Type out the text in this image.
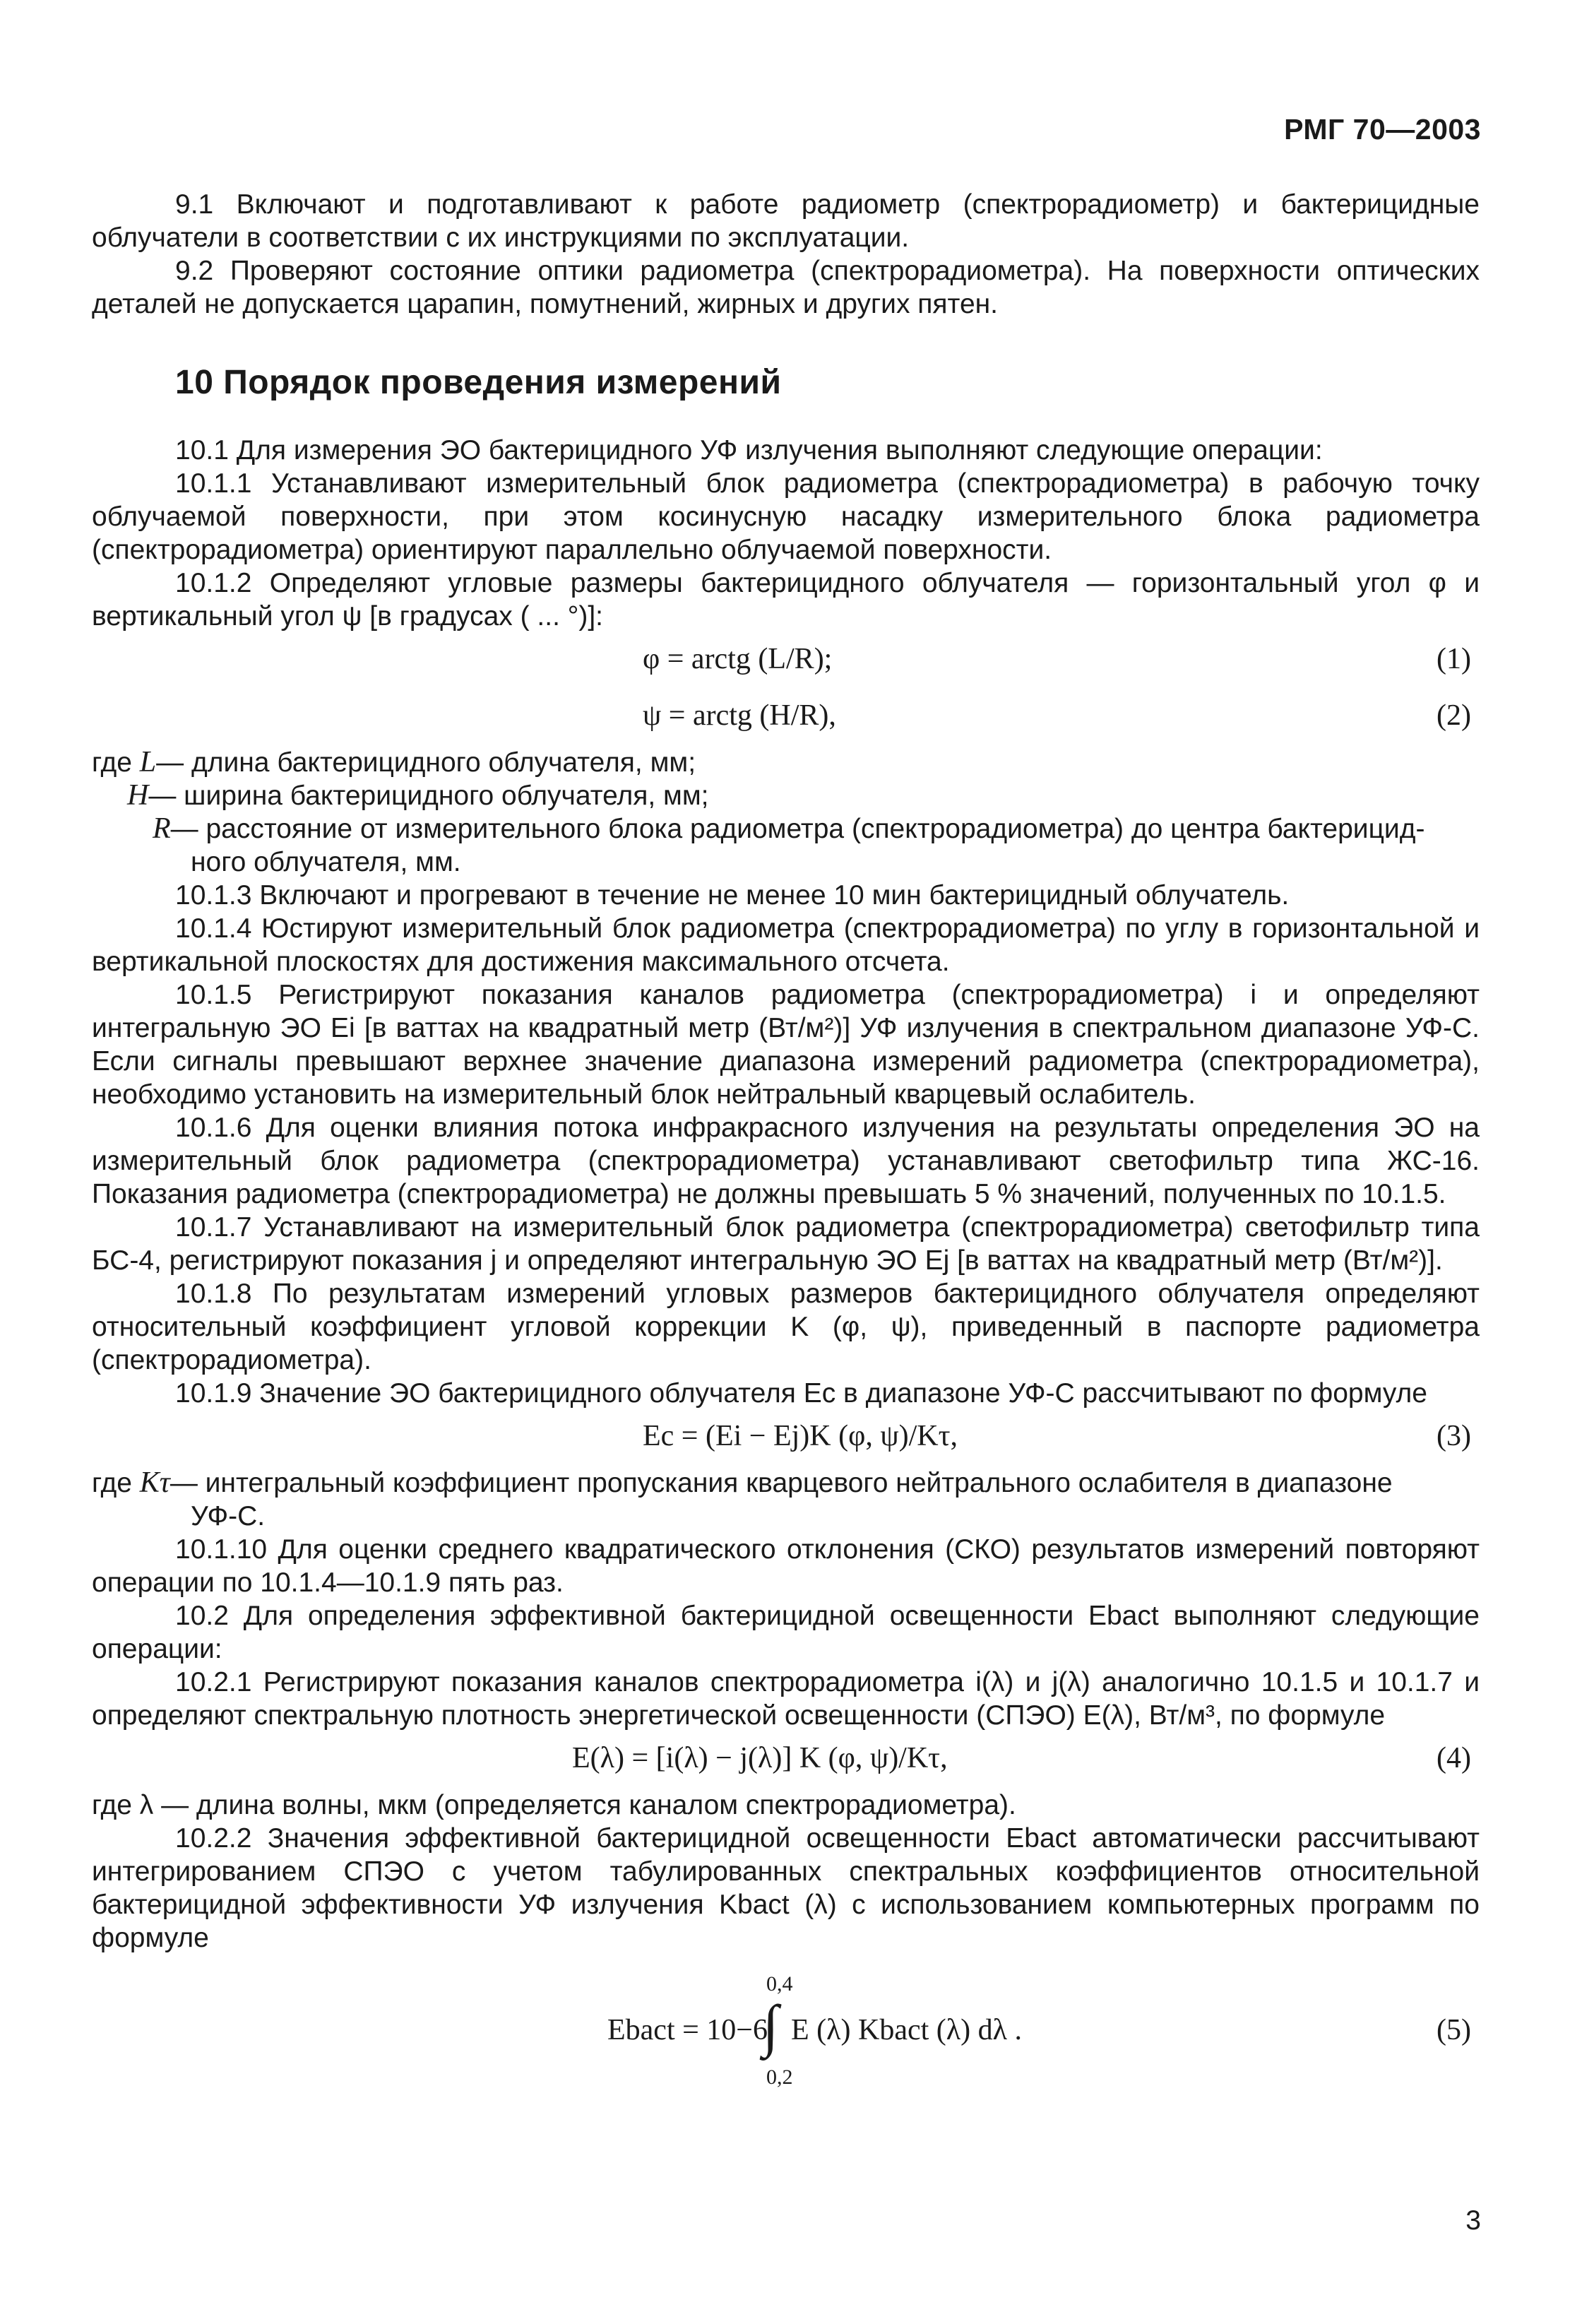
РМГ 70—2003

9.1 Включают и подготавливают к работе радиометр (спектрорадиометр) и бактерицидные облучатели в соответствии с их инструкциями по эксплуатации.

9.2 Проверяют состояние оптики радиометра (спектрорадиометра). На поверхности оптических деталей не допускается царапин, помутнений, жирных и других пятен.

10 Порядок проведения измерений

10.1 Для измерения ЭО бактерицидного УФ излучения выполняют следующие операции:

10.1.1 Устанавливают измерительный блок радиометра (спектрорадиометра) в рабочую точку облучаемой поверхности, при этом косинусную насадку измерительного блока радиометра (спектрорадиометра) ориентируют параллельно облучаемой поверхности.

10.1.2 Определяют угловые размеры бактерицидного облучателя — горизонтальный угол φ и вертикальный угол ψ [в градусах ( ... °)]:

φ = arctg (L/R);	(1)
ψ = arctg (H/R),	(2)
где L — длина бактерицидного облучателя, мм;
H — ширина бактерицидного облучателя, мм;
R — расстояние от измерительного блока радиометра (спектрорадиометра) до центра бактерицид-
ного облучателя, мм.

10.1.3 Включают и прогревают в течение не менее 10 мин бактерицидный облучатель.

10.1.4 Юстируют измерительный блок радиометра (спектрорадиометра) по углу в горизонтальной и вертикальной плоскостях для достижения максимального отсчета.

10.1.5 Регистрируют показания каналов радиометра (спектрорадиометра) i и определяют интегральную ЭО Ei [в ваттах на квадратный метр (Вт/м²)] УФ излучения в спектральном диапазоне УФ-С. Если сигналы превышают верхнее значение диапазона измерений радиометра (спектрорадиометра), необходимо установить на измерительный блок нейтральный кварцевый ослабитель.

10.1.6 Для оценки влияния потока инфракрасного излучения на результаты определения ЭО на измерительный блок радиометра (спектрорадиометра) устанавливают светофильтр типа ЖС-16. Показания радиометра (спектрорадиометра) не должны превышать 5 % значений, полученных по 10.1.5.

10.1.7 Устанавливают на измерительный блок радиометра (спектрорадиометра) светофильтр типа БС-4, регистрируют показания j и определяют интегральную ЭО Ej [в ваттах на квадратный метр (Вт/м²)].

10.1.8 По результатам измерений угловых размеров бактерицидного облучателя определяют относительный коэффициент угловой коррекции K (φ, ψ), приведенный в паспорте радиометра (спектрорадиометра).

10.1.9 Значение ЭО бактерицидного облучателя Ec в диапазоне УФ-С рассчитывают по формуле

Ec = (Ei − Ej)K (φ, ψ)/Kτ,	(3)
где Kτ — интегральный коэффициент пропускания кварцевого нейтрального ослабителя в диапазоне
УФ-С.

10.1.10 Для оценки среднего квадратического отклонения (СКО) результатов измерений повторяют операции по 10.1.4—10.1.9 пять раз.

10.2 Для определения эффективной бактерицидной освещенности Ebact выполняют следующие операции:

10.2.1 Регистрируют показания каналов спектрорадиометра i(λ) и j(λ) аналогично 10.1.5 и 10.1.7 и определяют спектральную плотность энергетической освещенности (СПЭО) E(λ), Вт/м³, по формуле

E(λ) = [i(λ) − j(λ)] K (φ, ψ)/Kτ,	(4)

где λ — длина волны, мкм (определяется каналом спектрорадиометра).

10.2.2 Значения эффективной бактерицидной освещенности Ebact автоматически рассчитывают интегрированием СПЭО с учетом табулированных спектральных коэффициентов относительной бактерицидной эффективности УФ излучения Kbact (λ) с использованием компьютерных программ по формуле

0,4
Ebact = 10−6
∫ E (λ) Kbact (λ) dλ .
0,2
(5)
3
